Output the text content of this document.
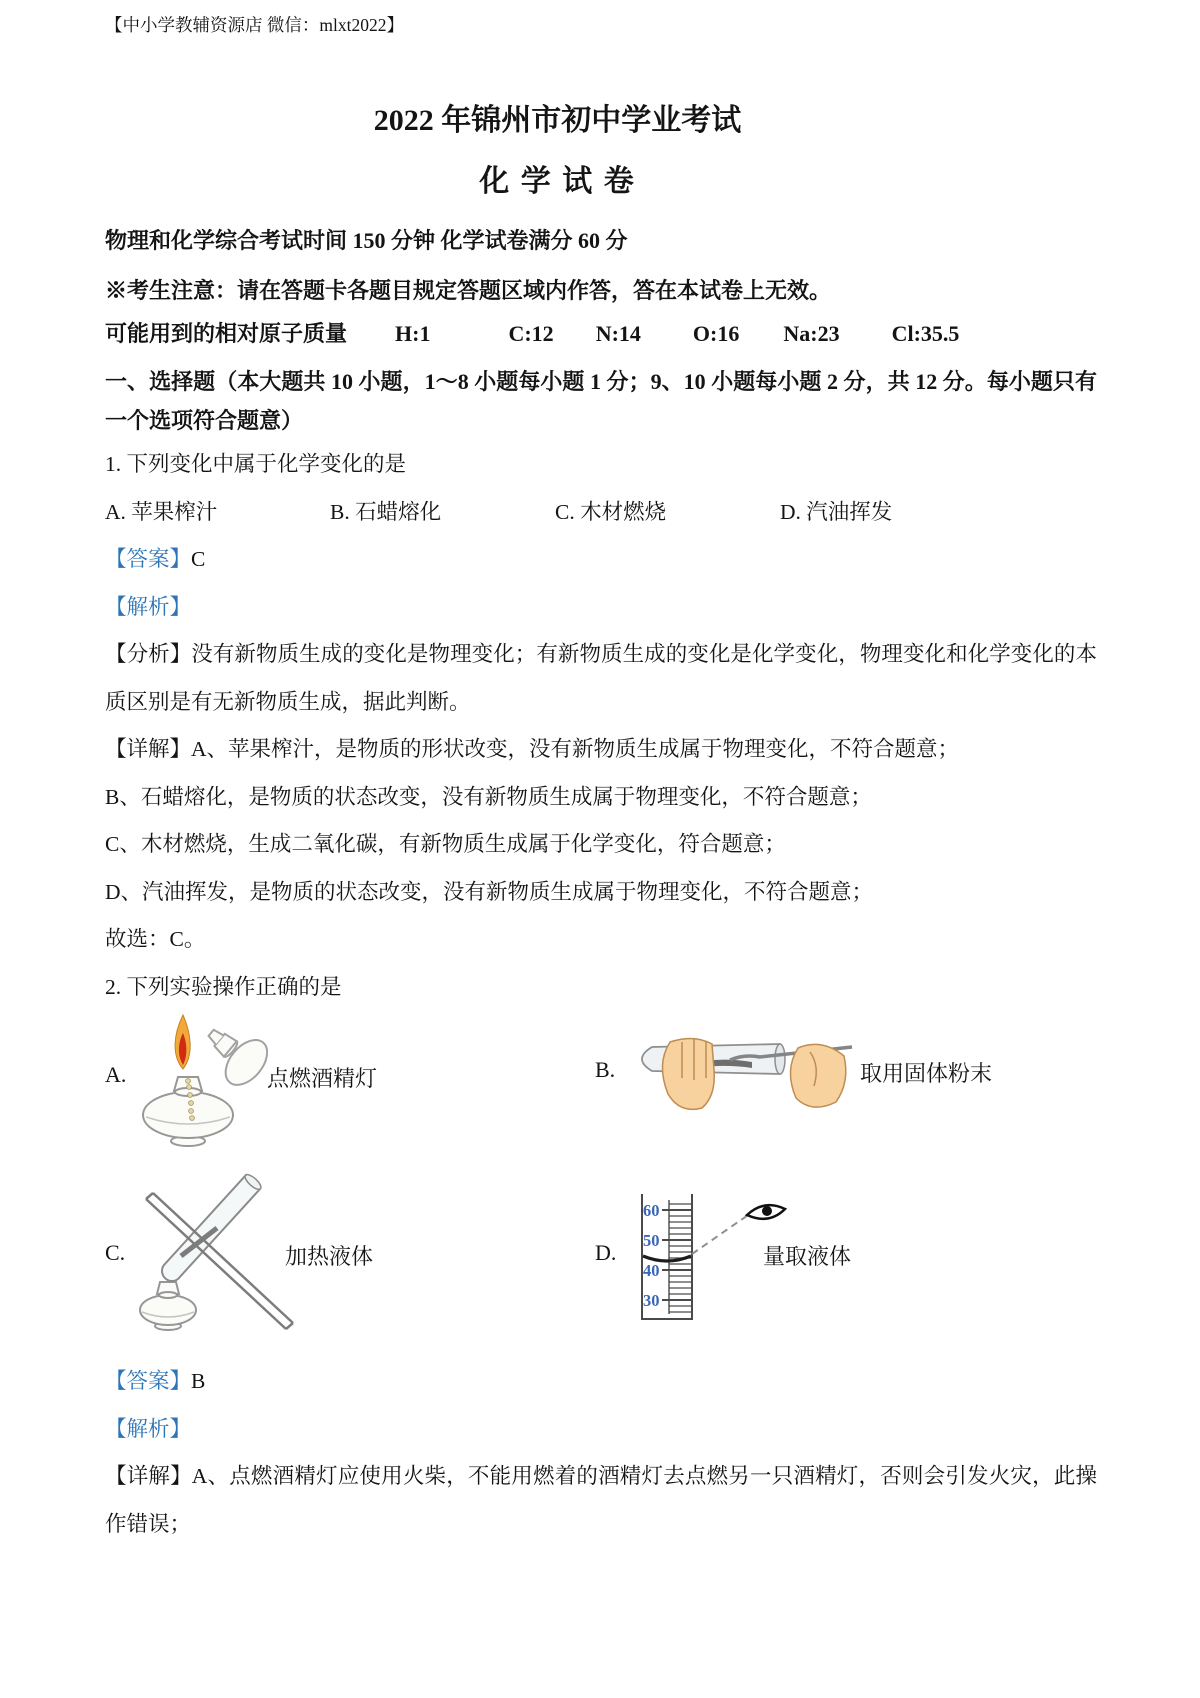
【中小学教辅资源店 微信：mlxt2022】
2022 年锦州市初中学业考试
化 学 试 卷
物理和化学综合考试时间 150 分钟 化学试卷满分 60 分
※考生注意：请在答题卡各题目规定答题区域内作答，答在本试卷上无效。
可能用到的相对原子质量 H:1	C:12 N:14 O:16 Na:23 Cl:35.5
一、选择题（本大题共 10 小题，1～8 小题每小题 1 分；9、10 小题每小题 2 分，共 12 分。每小题只有一个选项符合题意）

1. 下列变化中属于化学变化的是

A. 苹果榨汁	B. 石蜡熔化	C. 木材燃烧	D. 汽油挥发

【答案】C

【解析】

【分析】没有新物质生成的变化是物理变化；有新物质生成的变化是化学变化，物理变化和化学变化的本质区别是有无新物质生成，据此判断。

【详解】A、苹果榨汁，是物质的形状改变，没有新物质生成属于物理变化，不符合题意；

B、石蜡熔化，是物质的状态改变，没有新物质生成属于物理变化，不符合题意；

C、木材燃烧，生成二氧化碳，有新物质生成属于化学变化，符合题意；

D、汽油挥发，是物质的状态改变，没有新物质生成属于物理变化，不符合题意；

故选：C。

2. 下列实验操作正确的是

A.	点燃酒精灯	B.	取用固体粉末
C.	加热液体
60
50
40
30
D.	量取液体

【答案】B

【解析】

【详解】A、点燃酒精灯应使用火柴，不能用燃着的酒精灯去点燃另一只酒精灯，否则会引发火灾，此操作错误；
